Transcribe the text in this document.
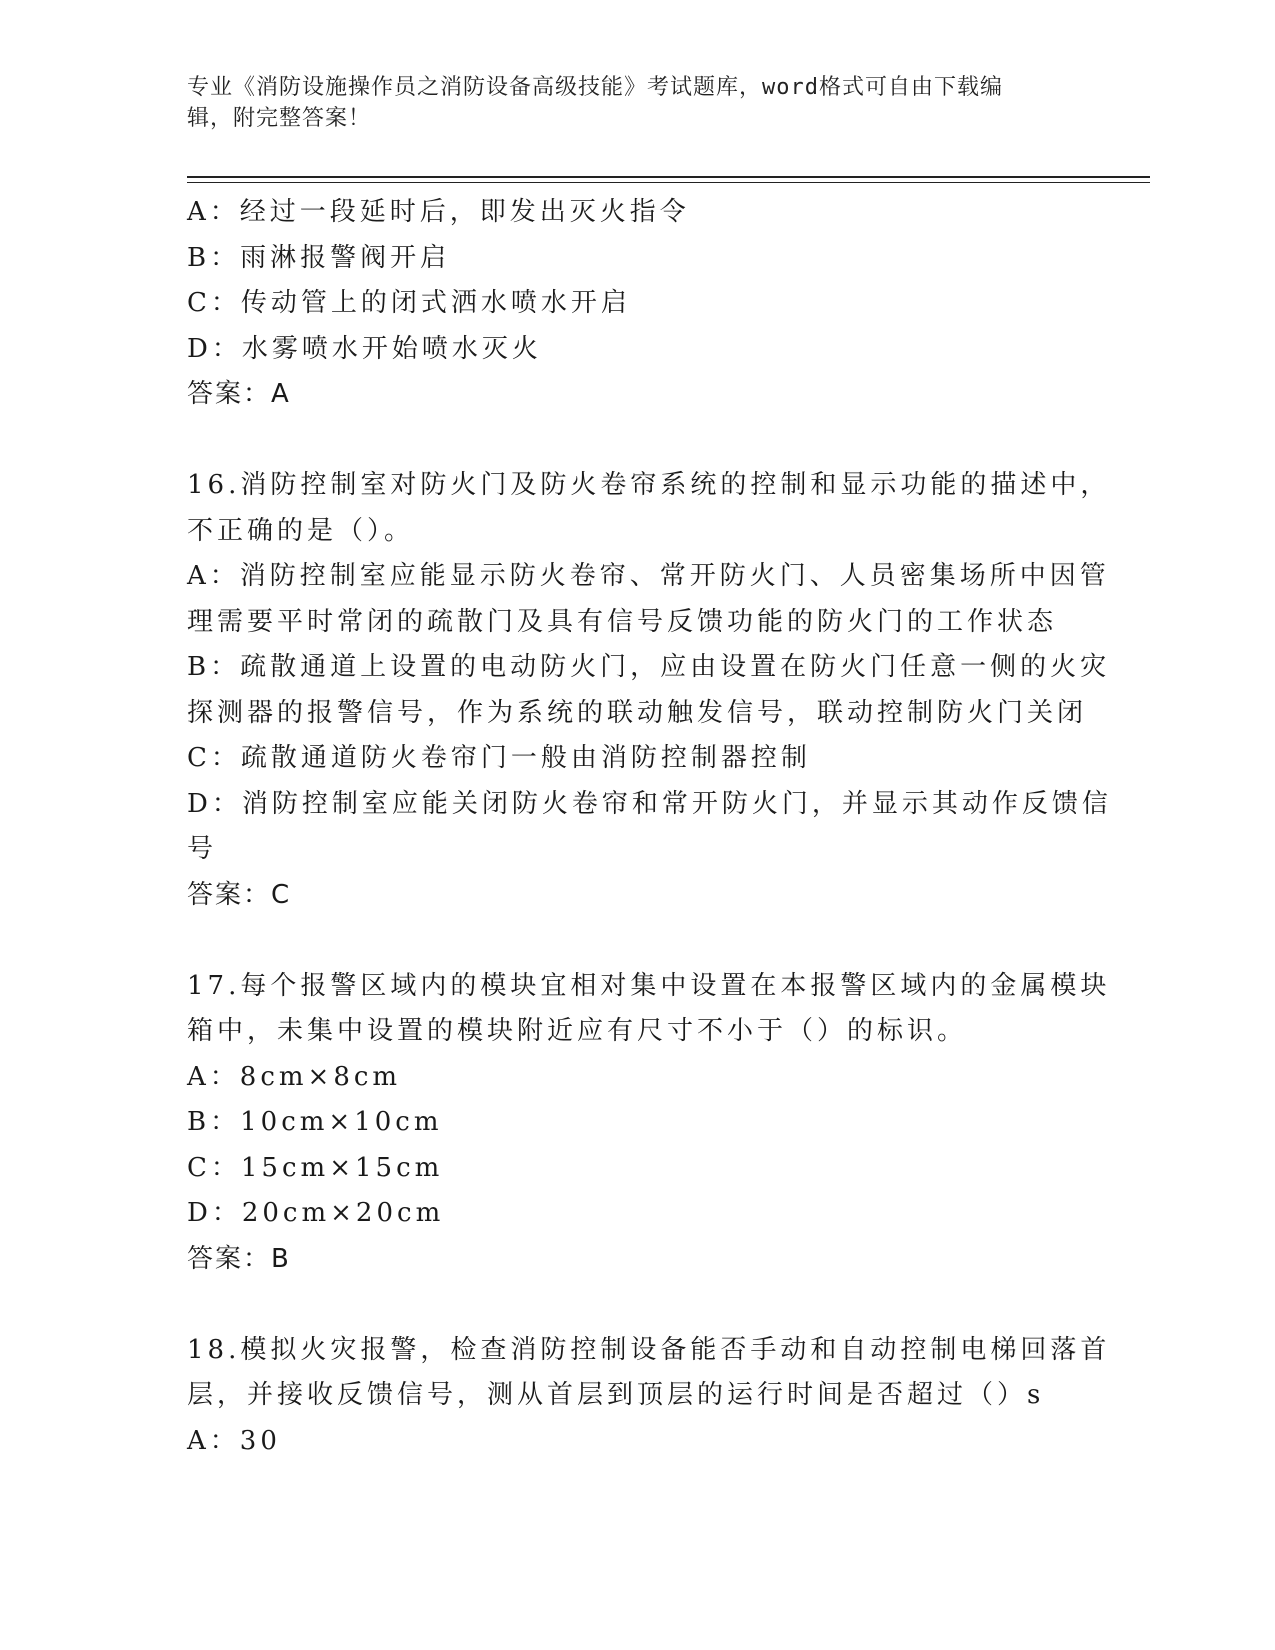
专业《消防设施操作员之消防设备高级技能》考试题库，word格式可自由下载编
辑，附完整答案！
A：经过一段延时后，即发出灭火指令
B：雨淋报警阀开启
C：传动管上的闭式洒水喷水开启
D：水雾喷水开始喷水灭火
答案：A
16.消防控制室对防火门及防火卷帘系统的控制和显示功能的描述中，
不正确的是（）。
A：消防控制室应能显示防火卷帘、常开防火门、人员密集场所中因管
理需要平时常闭的疏散门及具有信号反馈功能的防火门的工作状态
B：疏散通道上设置的电动防火门，应由设置在防火门任意一侧的火灾
探测器的报警信号，作为系统的联动触发信号，联动控制防火门关闭
C：疏散通道防火卷帘门一般由消防控制器控制
D：消防控制室应能关闭防火卷帘和常开防火门，并显示其动作反馈信
号
答案：C
17.每个报警区域内的模块宜相对集中设置在本报警区域内的金属模块
箱中，未集中设置的模块附近应有尺寸不小于（）的标识。
A：8cm×8cm
B：10cm×10cm
C：15cm×15cm
D：20cm×20cm
答案：B
18.模拟火灾报警，检查消防控制设备能否手动和自动控制电梯回落首
层，并接收反馈信号，测从首层到顶层的运行时间是否超过（）s
A：30
